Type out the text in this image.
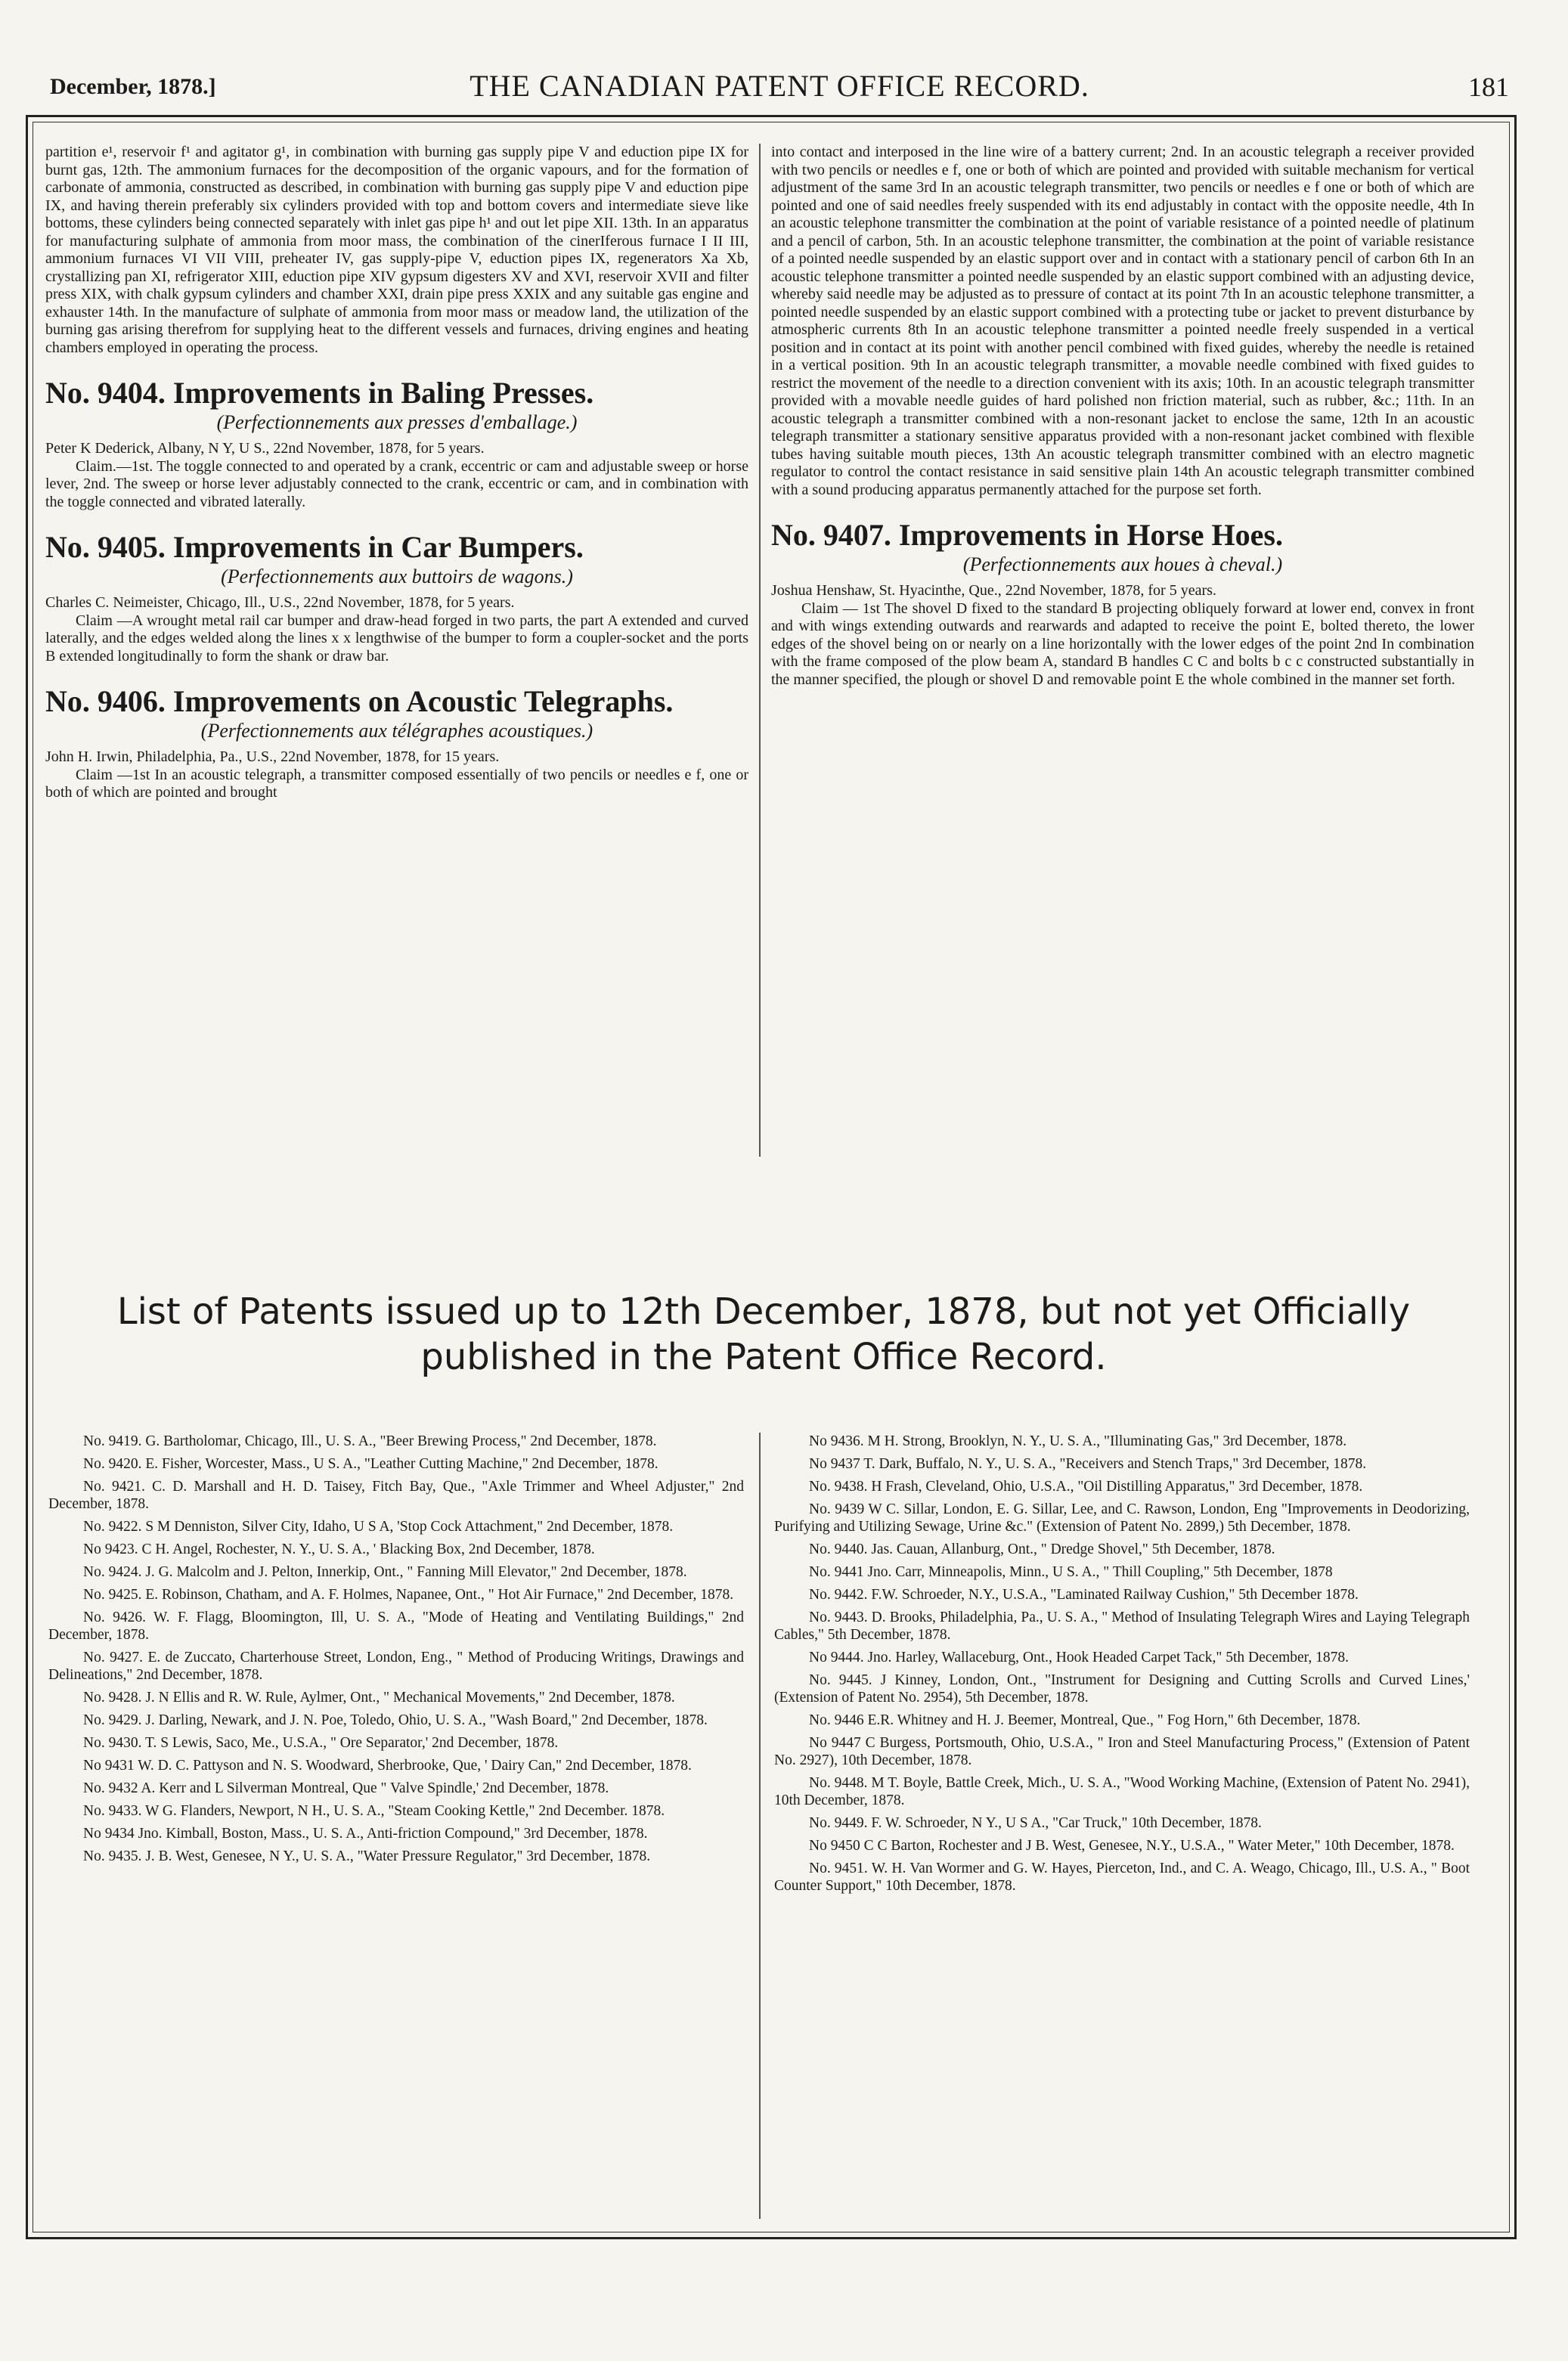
December, 1878.]	THE CANADIAN PATENT OFFICE RECORD.	181

partition e¹, reservoir f¹ and agitator g¹, in combination with burning gas supply pipe V and eduction pipe IX for burnt gas, 12th. The ammonium furnaces for the decomposition of the organic vapours, and for the formation of carbonate of ammonia, constructed as described, in combination with burning gas supply pipe V and eduction pipe IX, and having therein preferably six cylinders provided with top and bottom covers and intermediate sieve like bottoms, these cylinders being connected separately with inlet gas pipe h¹ and out let pipe XII. 13th. In an apparatus for manufacturing sulphate of ammonia from moor mass, the combination of the cinerIferous furnace I II III, ammonium furnaces VI VII VIII, preheater IV, gas supply-pipe V, eduction pipes IX, regenerators Xa Xb, crystallizing pan XI, refrigerator XIII, eduction pipe XIV gypsum digesters XV and XVI, reservoir XVII and filter press XIX, with chalk gypsum cylinders and chamber XXI, drain pipe press XXIX and any suitable gas engine and exhauster 14th. In the manufacture of sulphate of ammonia from moor mass or meadow land, the utilization of the burning gas arising therefrom for supplying heat to the different vessels and furnaces, driving engines and heating chambers employed in operating the process.

No. 9404. Improvements in Baling Presses.
(Perfectionnements aux presses d'emballage.)

Peter K Dederick, Albany, N Y, U S., 22nd November, 1878, for 5 years.

Claim.—1st. The toggle connected to and operated by a crank, eccentric or cam and adjustable sweep or horse lever, 2nd. The sweep or horse lever adjustably connected to the crank, eccentric or cam, and in combination with the toggle connected and vibrated laterally.

No. 9405. Improvements in Car Bumpers.
(Perfectionnements aux buttoirs de wagons.)

Charles C. Neimeister, Chicago, Ill., U.S., 22nd November, 1878, for 5 years.

Claim —A wrought metal rail car bumper and draw-head forged in two parts, the part A extended and curved laterally, and the edges welded along the lines x x lengthwise of the bumper to form a coupler-socket and the ports B extended longitudinally to form the shank or draw bar.

No. 9406. Improvements on Acoustic Telegraphs.
(Perfectionnements aux télégraphes acoustiques.)

John H. Irwin, Philadelphia, Pa., U.S., 22nd November, 1878, for 15 years.

Claim —1st In an acoustic telegraph, a transmitter composed essentially of two pencils or needles e f, one or both of which are pointed and brought

into contact and interposed in the line wire of a battery current; 2nd. In an acoustic telegraph a receiver provided with two pencils or needles e f, one or both of which are pointed and provided with suitable mechanism for vertical adjustment of the same 3rd In an acoustic telegraph transmitter, two pencils or needles e f one or both of which are pointed and one of said needles freely suspended with its end adjustably in contact with the opposite needle, 4th In an acoustic telephone transmitter the combination at the point of variable resistance of a pointed needle of platinum and a pencil of carbon, 5th. In an acoustic telephone transmitter, the combination at the point of variable resistance of a pointed needle suspended by an elastic support over and in contact with a stationary pencil of carbon 6th In an acoustic telephone transmitter a pointed needle suspended by an elastic support combined with an adjusting device, whereby said needle may be adjusted as to pressure of contact at its point 7th In an acoustic telephone transmitter, a pointed needle suspended by an elastic support combined with a protecting tube or jacket to prevent disturbance by atmospheric currents 8th In an acoustic telephone transmitter a pointed needle freely suspended in a vertical position and in contact at its point with another pencil combined with fixed guides, whereby the needle is retained in a vertical position. 9th In an acoustic telegraph transmitter, a movable needle combined with fixed guides to restrict the movement of the needle to a direction convenient with its axis; 10th. In an acoustic telegraph transmitter provided with a movable needle guides of hard polished non friction material, such as rubber, &c.; 11th. In an acoustic telegraph a transmitter combined with a non-resonant jacket to enclose the same, 12th In an acoustic telegraph transmitter a stationary sensitive apparatus provided with a non-resonant jacket combined with flexible tubes having suitable mouth pieces, 13th An acoustic telegraph transmitter combined with an electro magnetic regulator to control the contact resistance in said sensitive plain 14th An acoustic telegraph transmitter combined with a sound producing apparatus permanently attached for the purpose set forth.

No. 9407. Improvements in Horse Hoes.
(Perfectionnements aux houes à cheval.)

Joshua Henshaw, St. Hyacinthe, Que., 22nd November, 1878, for 5 years.

Claim — 1st The shovel D fixed to the standard B projecting obliquely forward at lower end, convex in front and with wings extending outwards and rearwards and adapted to receive the point E, bolted thereto, the lower edges of the shovel being on or nearly on a line horizontally with the lower edges of the point 2nd In combination with the frame composed of the plow beam A, standard B handles C C and bolts b c c constructed substantially in the manner specified, the plough or shovel D and removable point E the whole combined in the manner set forth.

List of Patents issued up to 12th December, 1878, but not yet Officially published in the Patent Office Record.

No. 9419. G. Bartholomar, Chicago, Ill., U. S. A., "Beer Brewing Process," 2nd December, 1878.

No. 9420. E. Fisher, Worcester, Mass., U S. A., "Leather Cutting Machine," 2nd December, 1878.

No. 9421. C. D. Marshall and H. D. Taisey, Fitch Bay, Que., "Axle Trimmer and Wheel Adjuster," 2nd December, 1878.

No. 9422. S M Denniston, Silver City, Idaho, U S A, 'Stop Cock Attachment," 2nd December, 1878.

No 9423. C H. Angel, Rochester, N. Y., U. S. A., ' Blacking Box, 2nd December, 1878.

No. 9424. J. G. Malcolm and J. Pelton, Innerkip, Ont., " Fanning Mill Elevator," 2nd December, 1878.

No. 9425. E. Robinson, Chatham, and A. F. Holmes, Napanee, Ont., " Hot Air Furnace," 2nd December, 1878.

No. 9426. W. F. Flagg, Bloomington, Ill, U. S. A., "Mode of Heating and Ventilating Buildings," 2nd December, 1878.

No. 9427. E. de Zuccato, Charterhouse Street, London, Eng., " Method of Producing Writings, Drawings and Delineations," 2nd December, 1878.

No. 9428. J. N Ellis and R. W. Rule, Aylmer, Ont., " Mechanical Movements," 2nd December, 1878.

No. 9429. J. Darling, Newark, and J. N. Poe, Toledo, Ohio, U. S. A., "Wash Board," 2nd December, 1878.

No. 9430. T. S Lewis, Saco, Me., U.S.A., " Ore Separator,' 2nd December, 1878.

No 9431 W. D. C. Pattyson and N. S. Woodward, Sherbrooke, Que, ' Dairy Can," 2nd December, 1878.

No. 9432 A. Kerr and L Silverman Montreal, Que " Valve Spindle,' 2nd December, 1878.

No. 9433. W G. Flanders, Newport, N H., U. S. A., "Steam Cooking Kettle," 2nd December. 1878.

No 9434 Jno. Kimball, Boston, Mass., U. S. A., Anti-friction Compound," 3rd December, 1878.

No. 9435. J. B. West, Genesee, N Y., U. S. A., "Water Pressure Regulator," 3rd December, 1878.

No 9436. M H. Strong, Brooklyn, N. Y., U. S. A., "Illuminating Gas," 3rd December, 1878.

No 9437 T. Dark, Buffalo, N. Y., U. S. A., "Receivers and Stench Traps," 3rd December, 1878.

No. 9438. H Frash, Cleveland, Ohio, U.S.A., "Oil Distilling Apparatus," 3rd December, 1878.

No. 9439 W C. Sillar, London, E. G. Sillar, Lee, and C. Rawson, London, Eng "Improvements in Deodorizing, Purifying and Utilizing Sewage, Urine &c." (Extension of Patent No. 2899,) 5th December, 1878.

No. 9440. Jas. Cauan, Allanburg, Ont., " Dredge Shovel," 5th December, 1878.

No. 9441 Jno. Carr, Minneapolis, Minn., U S. A., " Thill Coupling," 5th December, 1878

No. 9442. F.W. Schroeder, N.Y., U.S.A., "Laminated Railway Cushion," 5th December 1878.

No. 9443. D. Brooks, Philadelphia, Pa., U. S. A., " Method of Insulating Telegraph Wires and Laying Telegraph Cables," 5th December, 1878.

No 9444. Jno. Harley, Wallaceburg, Ont., Hook Headed Carpet Tack," 5th December, 1878.

No. 9445. J Kinney, London, Ont., "Instrument for Designing and Cutting Scrolls and Curved Lines,' (Extension of Patent No. 2954), 5th December, 1878.

No. 9446 E.R. Whitney and H. J. Beemer, Montreal, Que., " Fog Horn," 6th December, 1878.

No 9447 C Burgess, Portsmouth, Ohio, U.S.A., " Iron and Steel Manufacturing Process," (Extension of Patent No. 2927), 10th December, 1878.

No. 9448. M T. Boyle, Battle Creek, Mich., U. S. A., "Wood Working Machine, (Extension of Patent No. 2941), 10th December, 1878.

No. 9449. F. W. Schroeder, N Y., U S A., "Car Truck," 10th December, 1878.

No 9450 C C Barton, Rochester and J B. West, Genesee, N.Y., U.S.A., " Water Meter," 10th December, 1878.

No. 9451. W. H. Van Wormer and G. W. Hayes, Pierceton, Ind., and C. A. Weago, Chicago, Ill., U.S. A., " Boot Counter Support," 10th December, 1878.
